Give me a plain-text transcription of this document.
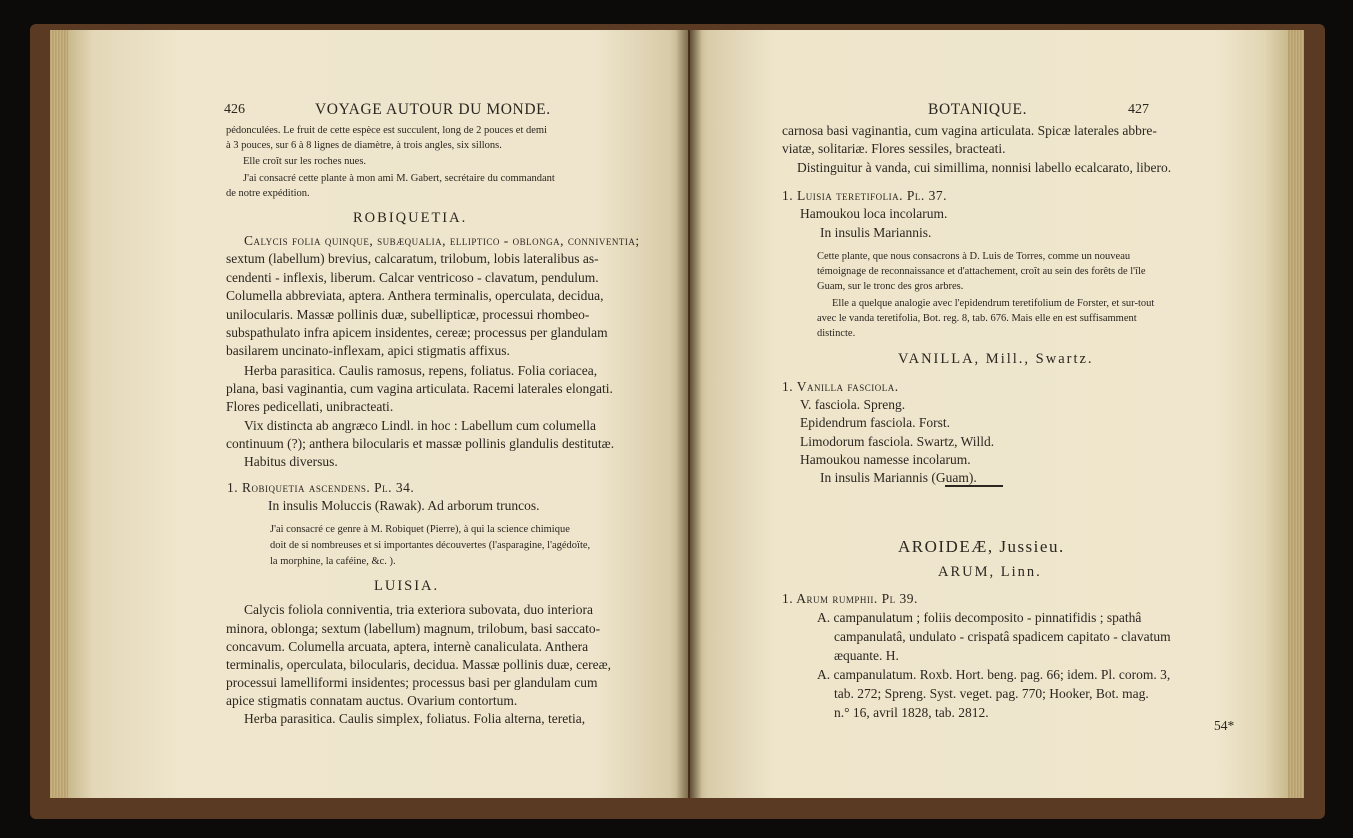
426	VOYAGE AUTOUR DU MONDE.

pédonculées. Le fruit de cette espèce est succulent, long de 2 pouces et demi

à 3 pouces, sur 6 à 8 lignes de diamètre, à trois angles, six sillons.

Elle croît sur les roches nues.

J'ai consacré cette plante à mon ami M. Gabert, secrétaire du commandant

de notre expédition.

ROBIQUETIA.

Calycis folia quinque, subæqualia, elliptico - oblonga, conniventia;

sextum (labellum) brevius, calcaratum, trilobum, lobis lateralibus as-

cendenti - inflexis, liberum. Calcar ventricoso - clavatum, pendulum.

Columella abbreviata, aptera. Anthera terminalis, operculata, decidua,

unilocularis. Massæ pollinis duæ, subellipticæ, processui rhombeo-

subspathulato infra apicem insidentes, cereæ; processus per glandulam

basilarem uncinato-inflexam, apici stigmatis affixus.

Herba parasitica. Caulis ramosus, repens, foliatus. Folia coriacea,

plana, basi vaginantia, cum vagina articulata. Racemi laterales elongati.

Flores pedicellati, unibracteati.

Vix distincta ab angræco Lindl. in hoc : Labellum cum columella

continuum (?); anthera bilocularis et massæ pollinis glandulis destitutæ.

Habitus diversus.

1. Robiquetia ascendens. Pl. 34.

In insulis Moluccis (Rawak). Ad arborum truncos.

J'ai consacré ce genre à M. Robiquet (Pierre), à qui la science chimique

doit de si nombreuses et si importantes découvertes (l'asparagine, l'agédoïte,

la morphine, la caféine, &c. ).

LUISIA.

Calycis foliola conniventia, tria exteriora subovata, duo interiora

minora, oblonga; sextum (labellum) magnum, trilobum, basi saccato-

concavum. Columella arcuata, aptera, internè canaliculata. Anthera

terminalis, operculata, bilocularis, decidua. Massæ pollinis duæ, cereæ,

processui lamelliformi insidentes; processus basi per glandulam cum

apice stigmatis connatam auctus. Ovarium contortum.

Herba parasitica. Caulis simplex, foliatus. Folia alterna, teretia,

BOTANIQUE.	427

carnosa basi vaginantia, cum vagina articulata. Spicæ laterales abbre-

viatæ, solitariæ. Flores sessiles, bracteati.

Distinguitur à vanda, cui simillima, nonnisi labello ecalcarato, libero.

1. Luisia teretifolia. Pl. 37.

Hamoukou loca incolarum.

In insulis Mariannis.

Cette plante, que nous consacrons à D. Luis de Torres, comme un nouveau

témoignage de reconnaissance et d'attachement, croît au sein des forêts de l'île

Guam, sur le tronc des gros arbres.

Elle a quelque analogie avec l'epidendrum teretifolium de Forster, et sur-tout

avec le vanda teretifolia, Bot. reg. 8, tab. 676. Mais elle en est suffisamment

distincte.

VANILLA, Mill., Swartz.

1. Vanilla fasciola.

V. fasciola. Spreng.

Epidendrum fasciola. Forst.

Limodorum fasciola. Swartz, Willd.

Hamoukou namesse incolarum.

In insulis Mariannis (Guam).

AROIDEÆ, Jussieu.

ARUM, Linn.

1. Arum rumphii. Pl 39.

A. campanulatum ; foliis decomposito - pinnatifidis ; spathâ

campanulatâ, undulato - crispatâ spadicem capitato - clavatum

æquante. H.

A. campanulatum. Roxb. Hort. beng. pag. 66; idem. Pl. corom. 3,

tab. 272; Spreng. Syst. veget. pag. 770; Hooker, Bot. mag.

n.° 16, avril 1828, tab. 2812.

54*
